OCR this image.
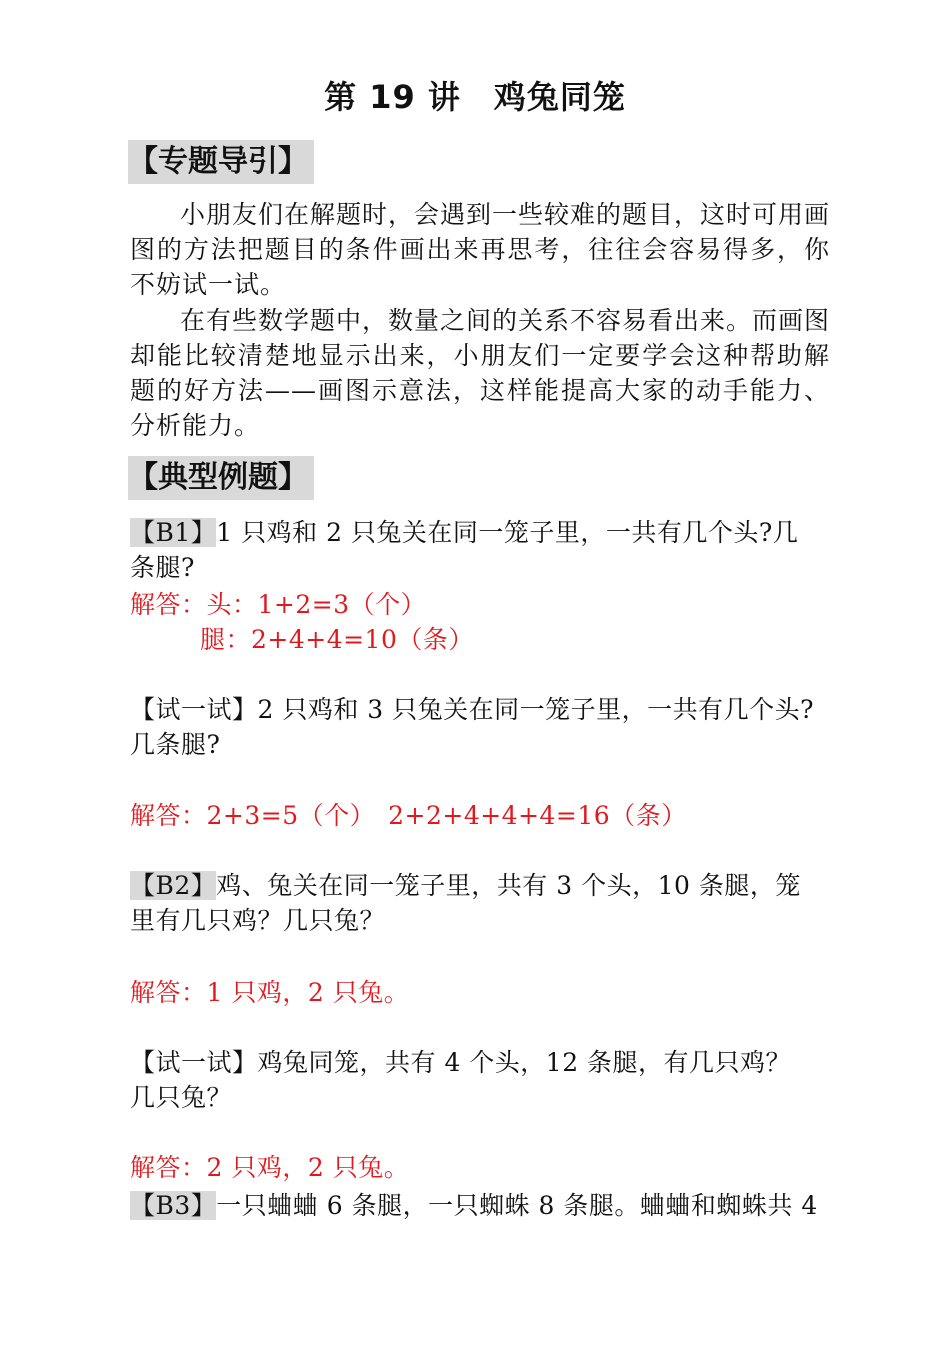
第 19 讲　鸡兔同笼
【专题导引】

小朋友们在解题时，会遇到一些较难的题目，这时可用画图的方法把题目的条件画出来再思考，往往会容易得多，你不妨试一试。

在有些数学题中，数量之间的关系不容易看出来。而画图却能比较清楚地显示出来，小朋友们一定要学会这种帮助解题的好方法——画图示意法，这样能提高大家的动手能力、分析能力。

【典型例题】
【B1】1 只鸡和 2 只兔关在同一笼子里，一共有几个头?几
条腿?
解答：头：1+2=3（个）
腿：2+4+4=10（条）
【试一试】2 只鸡和 3 只兔关在同一笼子里，一共有几个头?
几条腿?
解答：2+3=5（个）　2+2+4+4+4=16（条）
【B2】鸡、兔关在同一笼子里，共有 3 个头，10 条腿，笼
里有几只鸡？几只兔？
解答：1 只鸡，2 只兔。
【试一试】鸡兔同笼，共有 4 个头，12 条腿，有几只鸡？
几只兔？
解答：2 只鸡，2 只兔。
【B3】一只蛐蛐 6 条腿，一只蜘蛛 8 条腿。蛐蛐和蜘蛛共 4
